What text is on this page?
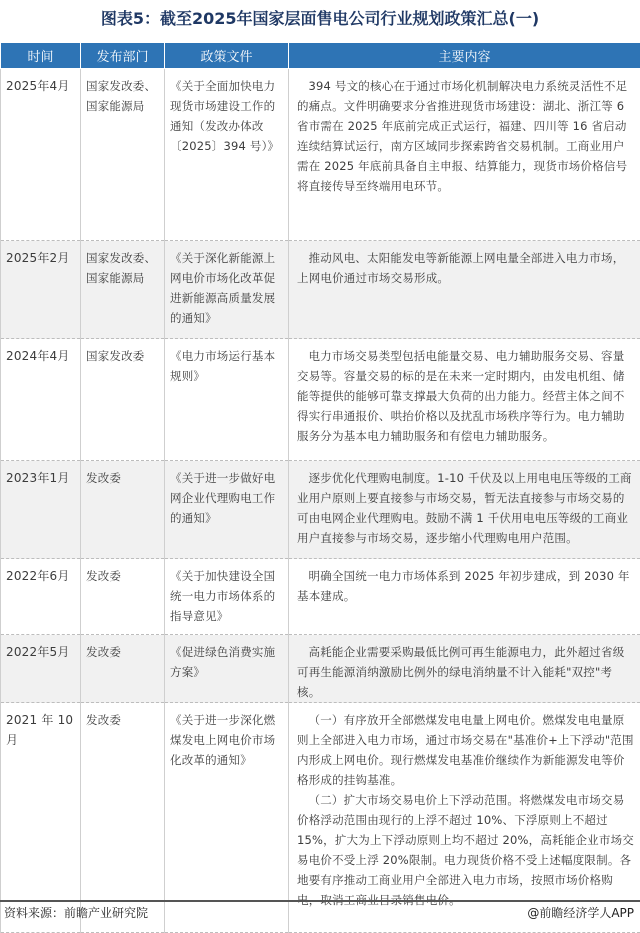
图表5：截至2025年国家层面售电公司行业规划政策汇总(一)
时间	发布部门	政策文件	主要内容
2025年4月	国家发改委、国家能源局	《关于全面加快电力现货市场建设工作的通知（发改办体改〔2025〕394 号）》	394 号文的核心在于通过市场化机制解决电力系统灵活性不足的痛点。文件明确要求分省推进现货市场建设：湖北、浙江等 6 省市需在 2025 年底前完成正式运行，福建、四川等 16 省启动连续结算试运行，南方区域同步探索跨省交易机制。工商业用户需在 2025 年底前具备自主申报、结算能力，现货市场价格信号将直接传导至终端用电环节。

2025年2月	国家发改委、国家能源局	《关于深化新能源上网电价市场化改革促进新能源高质量发展的通知》	推动风电、太阳能发电等新能源上网电量全部进入电力市场，上网电价通过市场交易形成。

2024年4月	国家发改委	《电力市场运行基本规则》	电力市场交易类型包括电能量交易、电力辅助服务交易、容量交易等。容量交易的标的是在未来一定时期内，由发电机组、储能等提供的能够可靠支撑最大负荷的出力能力。经营主体之间不得实行串通报价、哄抬价格以及扰乱市场秩序等行为。电力辅助服务分为基本电力辅助服务和有偿电力辅助服务。

2023年1月	发改委	《关于进一步做好电网企业代理购电工作的通知》	逐步优化代理购电制度。1-10 千伏及以上用电电压等级的工商业用户原则上要直接参与市场交易，暂无法直接参与市场交易的可由电网企业代理购电。鼓励不满 1 千伏用电电压等级的工商业用户直接参与市场交易，逐步缩小代理购电用户范围。

2022年6月	发改委	《关于加快建设全国统一电力市场体系的指导意见》	明确全国统一电力市场体系到 2025 年初步建成，到 2030 年基本建成。

2022年5月	发改委	《促进绿色消费实施方案》	高耗能企业需要采购最低比例可再生能源电力，此外超过省级可再生能源消纳激励比例外的绿电消纳量不计入能耗"双控"考核。

2021 年 10月	发改委	《关于进一步深化燃煤发电上网电价市场化改革的通知》	（一）有序放开全部燃煤发电电量上网电价。燃煤发电电量原则上全部进入电力市场，通过市场交易在"基准价+上下浮动"范围内形成上网电价。现行燃煤发电基准价继续作为新能源发电等价格形成的挂钩基准。
（二）扩大市场交易电价上下浮动范围。将燃煤发电市场交易价格浮动范围由现行的上浮不超过 10%、下浮原则上不超过 15%，扩大为上下浮动原则上均不超过 20%，高耗能企业市场交易电价不受上浮 20%限制。电力现货价格不受上述幅度限制。各地要有序推动工商业用户全部进入电力市场，按照市场价格购电，取消工商业目录销售电价。
资料来源：前瞻产业研究院	@前瞻经济学人APP
